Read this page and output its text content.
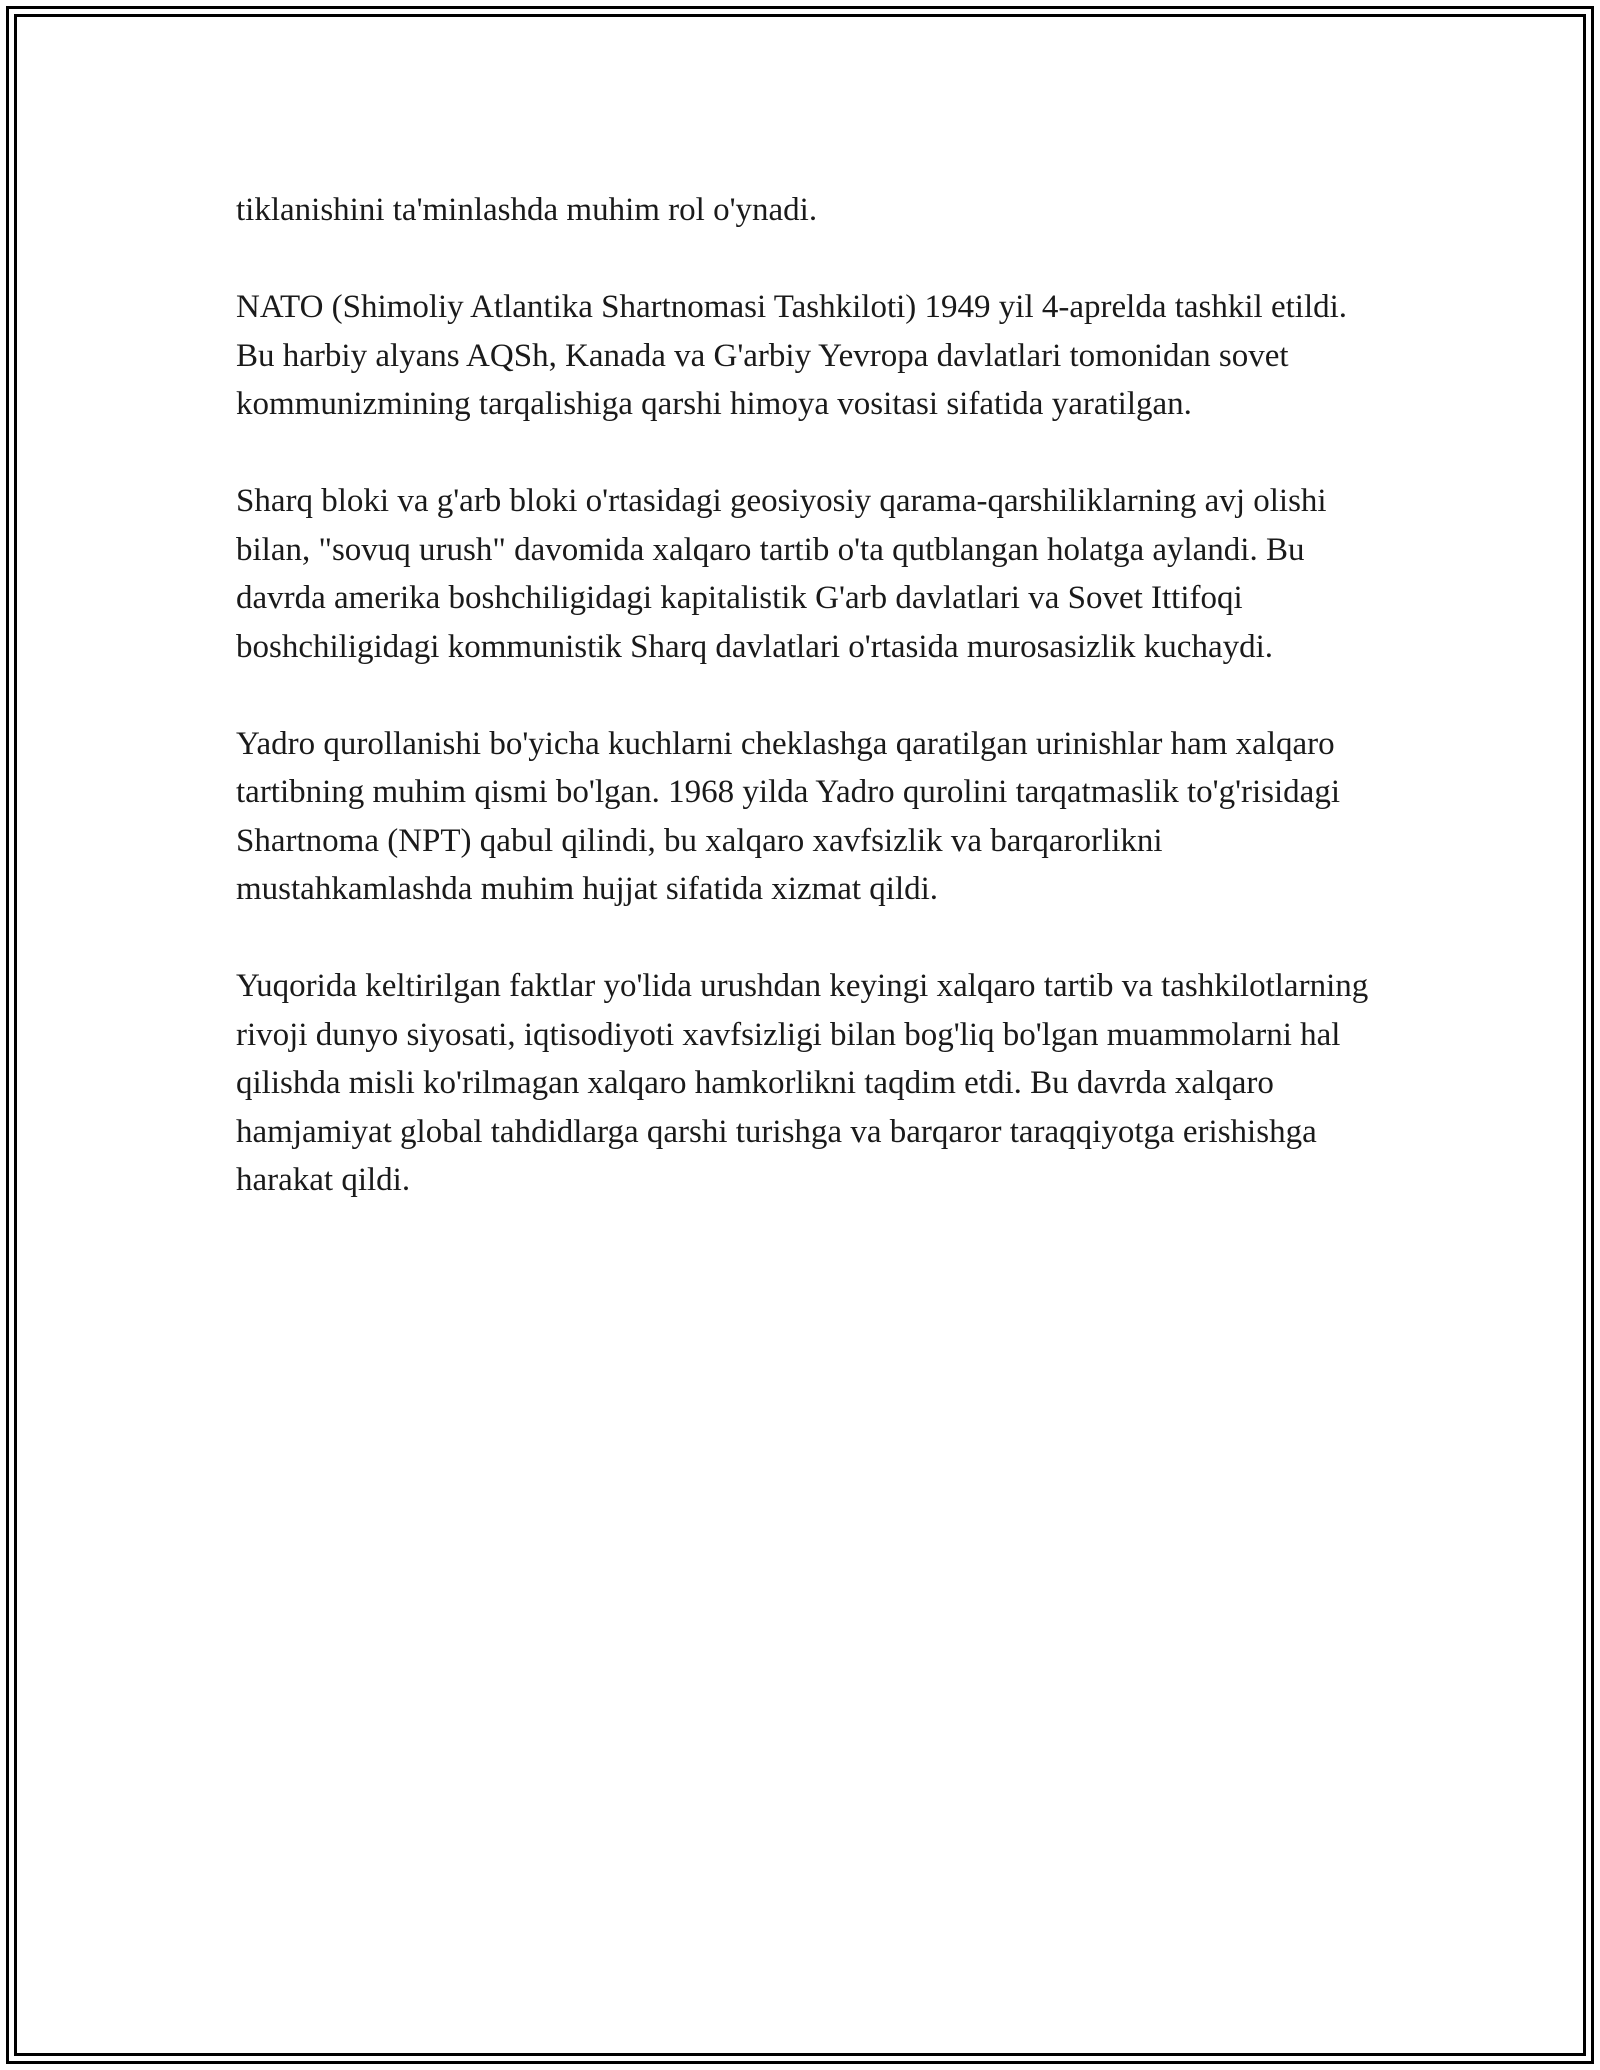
tiklanishini ta'minlashda muhim rol o'ynadi.

NATO (Shimoliy Atlantika Shartnomasi Tashkiloti) 1949 yil 4-aprelda tashkil etildi. Bu harbiy alyans AQSh, Kanada va G'arbiy Yevropa davlatlari tomonidan sovet kommunizmining tarqalishiga qarshi himoya vositasi sifatida yaratilgan.

Sharq bloki va g'arb bloki o'rtasidagi geosiyosiy qarama-qarshiliklarning avj olishi bilan, "sovuq urush" davomida xalqaro tartib o'ta qutblangan holatga aylandi. Bu davrda amerika boshchiligidagi kapitalistik G'arb davlatlari va Sovet Ittifoqi boshchiligidagi kommunistik Sharq davlatlari o'rtasida murosasizlik kuchaydi.

Yadro qurollanishi bo'yicha kuchlarni cheklashga qaratilgan urinishlar ham xalqaro tartibning muhim qismi bo'lgan. 1968 yilda Yadro qurolini tarqatmaslik to'g'risidagi Shartnoma (NPT) qabul qilindi, bu xalqaro xavfsizlik va barqarorlikni mustahkamlashda muhim hujjat sifatida xizmat qildi.

Yuqorida keltirilgan faktlar yo'lida urushdan keyingi xalqaro tartib va tashkilotlarning rivoji dunyo siyosati, iqtisodiyoti xavfsizligi bilan bog'liq bo'lgan muammolarni hal qilishda misli ko'rilmagan xalqaro hamkorlikni taqdim etdi. Bu davrda xalqaro hamjamiyat global tahdidlarga qarshi turishga va barqaror taraqqiyotga erishishga harakat qildi.
